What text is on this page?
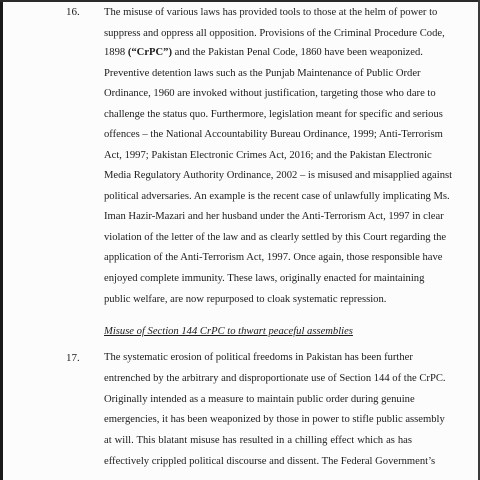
16. The misuse of various laws has provided tools to those at the helm of power to
suppress and oppress all opposition. Provisions of the Criminal Procedure Code,
1898 (“CrPC”) and the Pakistan Penal Code, 1860 have been weaponized.
Preventive detention laws such as the Punjab Maintenance of Public Order
Ordinance, 1960 are invoked without justification, targeting those who dare to
challenge the status quo. Furthermore, legislation meant for specific and serious
offences – the National Accountability Bureau Ordinance, 1999; Anti-Terrorism
Act, 1997; Pakistan Electronic Crimes Act, 2016; and the Pakistan Electronic
Media Regulatory Authority Ordinance, 2002 – is misused and misapplied against
political adversaries. An example is the recent case of unlawfully implicating Ms.
Iman Hazir-Mazari and her husband under the Anti-Terrorism Act, 1997 in clear
violation of the letter of the law and as clearly settled by this Court regarding the
application of the Anti-Terrorism Act, 1997. Once again, those responsible have
enjoyed complete immunity. These laws, originally enacted for maintaining
public welfare, are now repurposed to cloak systematic repression.
Misuse of Section 144 CrPC to thwart peaceful assemblies
17. The systematic erosion of political freedoms in Pakistan has been further
entrenched by the arbitrary and disproportionate use of Section 144 of the CrPC.
Originally intended as a measure to maintain public order during genuine
emergencies, it has been weaponized by those in power to stifle public assembly
at will. This blatant misuse has resulted in a chilling effect which as has
effectively crippled political discourse and dissent. The Federal Government’s
